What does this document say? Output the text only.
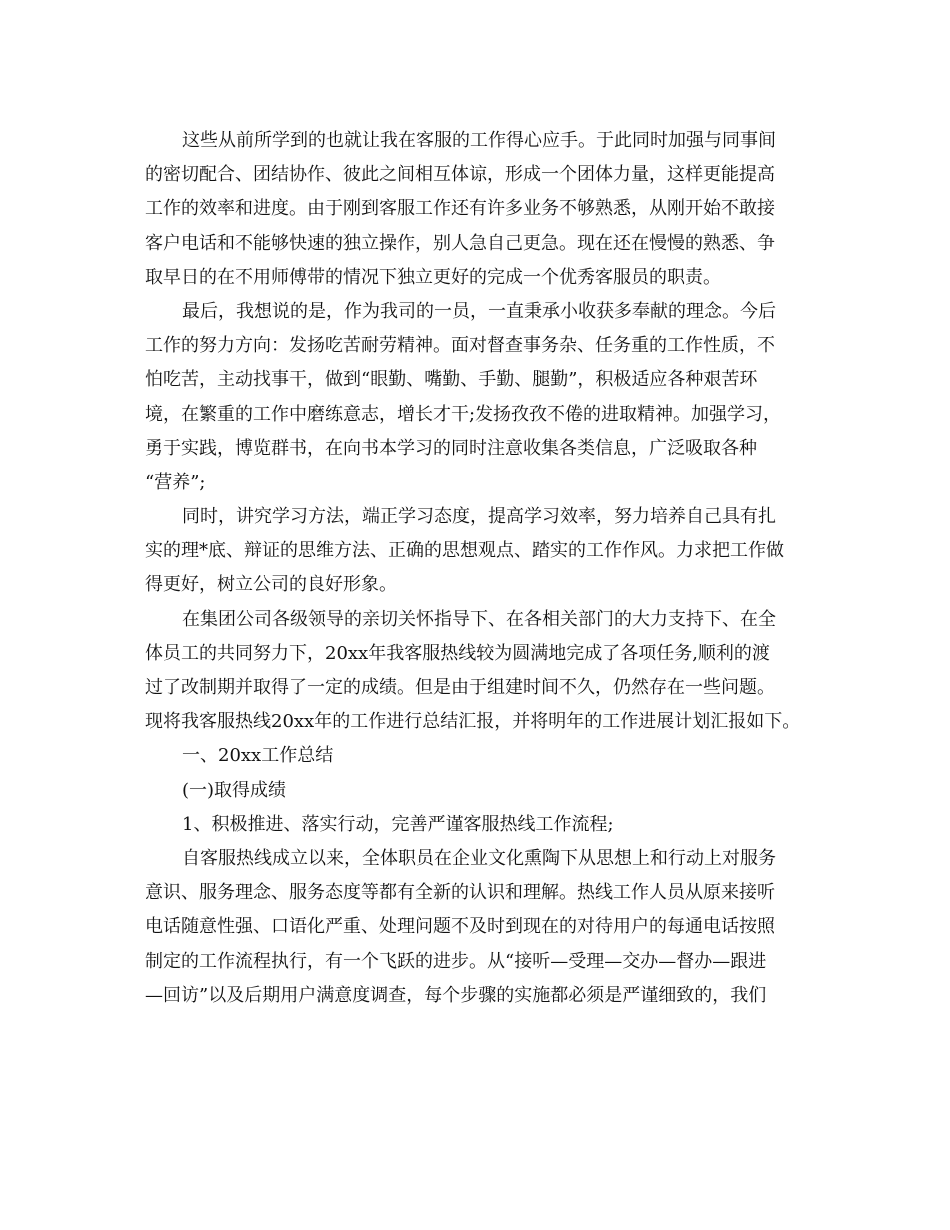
这些从前所学到的也就让我在客服的工作得心应手。于此同时加强与同事间
的密切配合、团结协作、彼此之间相互体谅，形成一个团体力量，这样更能提高
工作的效率和进度。由于刚到客服工作还有许多业务不够熟悉，从刚开始不敢接
客户电话和不能够快速的独立操作，别人急自己更急。现在还在慢慢的熟悉、争
取早日的在不用师傅带的情况下独立更好的完成一个优秀客服员的职责。
最后，我想说的是，作为我司的一员，一直秉承小收获多奉献的理念。今后
工作的努力方向：发扬吃苦耐劳精神。面对督查事务杂、任务重的工作性质，不
怕吃苦，主动找事干，做到“眼勤、嘴勤、手勤、腿勤”，积极适应各种艰苦环
境，在繁重的工作中磨练意志，增长才干;发扬孜孜不倦的进取精神。加强学习，
勇于实践，博览群书，在向书本学习的同时注意收集各类信息，广泛吸取各种
“营养”;
同时，讲究学习方法，端正学习态度，提高学习效率，努力培养自己具有扎
实的理*底、辩证的思维方法、正确的思想观点、踏实的工作作风。力求把工作做
得更好，树立公司的良好形象。
在集团公司各级领导的亲切关怀指导下、在各相关部门的大力支持下、在全
体员工的共同努力下，20xx年我客服热线较为圆满地完成了各项任务,顺利的渡
过了改制期并取得了一定的成绩。但是由于组建时间不久，仍然存在一些问题。
现将我客服热线20xx年的工作进行总结汇报，并将明年的工作进展计划汇报如下。
一、20xx工作总结
(一)取得成绩
1、积极推进、落实行动，完善严谨客服热线工作流程;
自客服热线成立以来，全体职员在企业文化熏陶下从思想上和行动上对服务
意识、服务理念、服务态度等都有全新的认识和理解。热线工作人员从原来接听
电话随意性强、口语化严重、处理问题不及时到现在的对待用户的每通电话按照
制定的工作流程执行，有一个飞跃的进步。从“接听—受理—交办—督办—跟进
—回访”以及后期用户满意度调查，每个步骤的实施都必须是严谨细致的，我们
